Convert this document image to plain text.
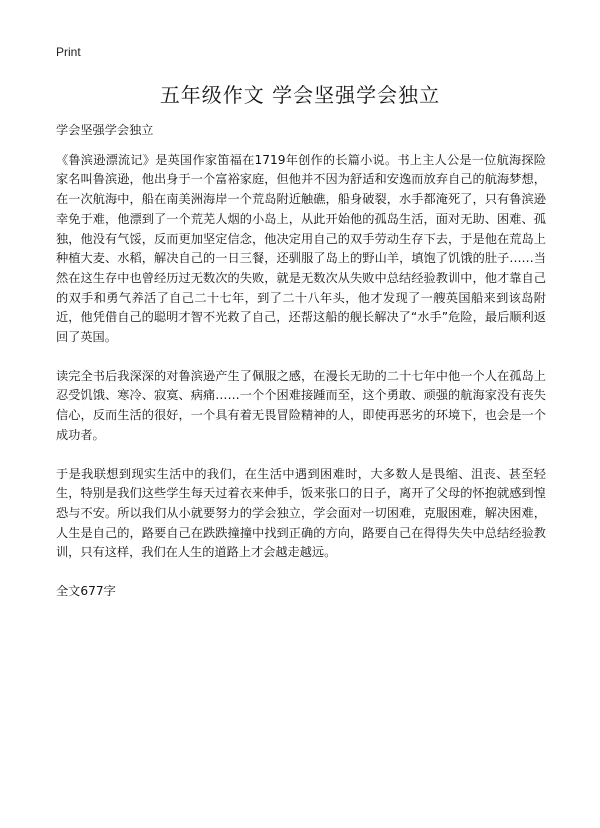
Print
五年级作文 学会坚强学会独立

学会坚强学会独立

《鲁滨逊漂流记》是英国作家笛福在1719年创作的长篇小说。书上主人公是一位航海探险家名叫鲁滨逊，他出身于一个富裕家庭，但他并不因为舒适和安逸而放弃自己的航海梦想，在一次航海中，船在南美洲海岸一个荒岛附近触礁，船身破裂，水手都淹死了，只有鲁滨逊幸免于难，他漂到了一个荒芜人烟的小岛上，从此开始他的孤岛生活，面对无助、困难、孤独，他没有气馁，反而更加坚定信念，他决定用自己的双手劳动生存下去，于是他在荒岛上种植大麦、水稻，解决自己的一日三餐，还驯服了岛上的野山羊，填饱了饥饿的肚子……当然在这生存中也曾经历过无数次的失败，就是无数次从失败中总结经验教训中，他才靠自己的双手和勇气养活了自己二十七年，到了二十八年头，他才发现了一艘英国船来到该岛附近，他凭借自己的聪明才智不光救了自己，还帮这船的舰长解决了“水手”危险，最后顺利返回了英国。

读完全书后我深深的对鲁滨逊产生了佩服之感，在漫长无助的二十七年中他一个人在孤岛上忍受饥饿、寒冷、寂寞、病痛……一个个困难接踵而至，这个勇敢、顽强的航海家没有丧失信心，反而生活的很好，一个具有着无畏冒险精神的人，即使再恶劣的环境下，也会是一个成功者。

于是我联想到现实生活中的我们，在生活中遇到困难时，大多数人是畏缩、沮丧、甚至轻生，特别是我们这些学生每天过着衣来伸手，饭来张口的日子，离开了父母的怀抱就感到惶恐与不安。所以我们从小就要努力的学会独立，学会面对一切困难，克服困难，解决困难，人生是自己的，路要自己在跌跌撞撞中找到正确的方向，路要自己在得得失失中总结经验教训，只有这样，我们在人生的道路上才会越走越远。

全文677字
